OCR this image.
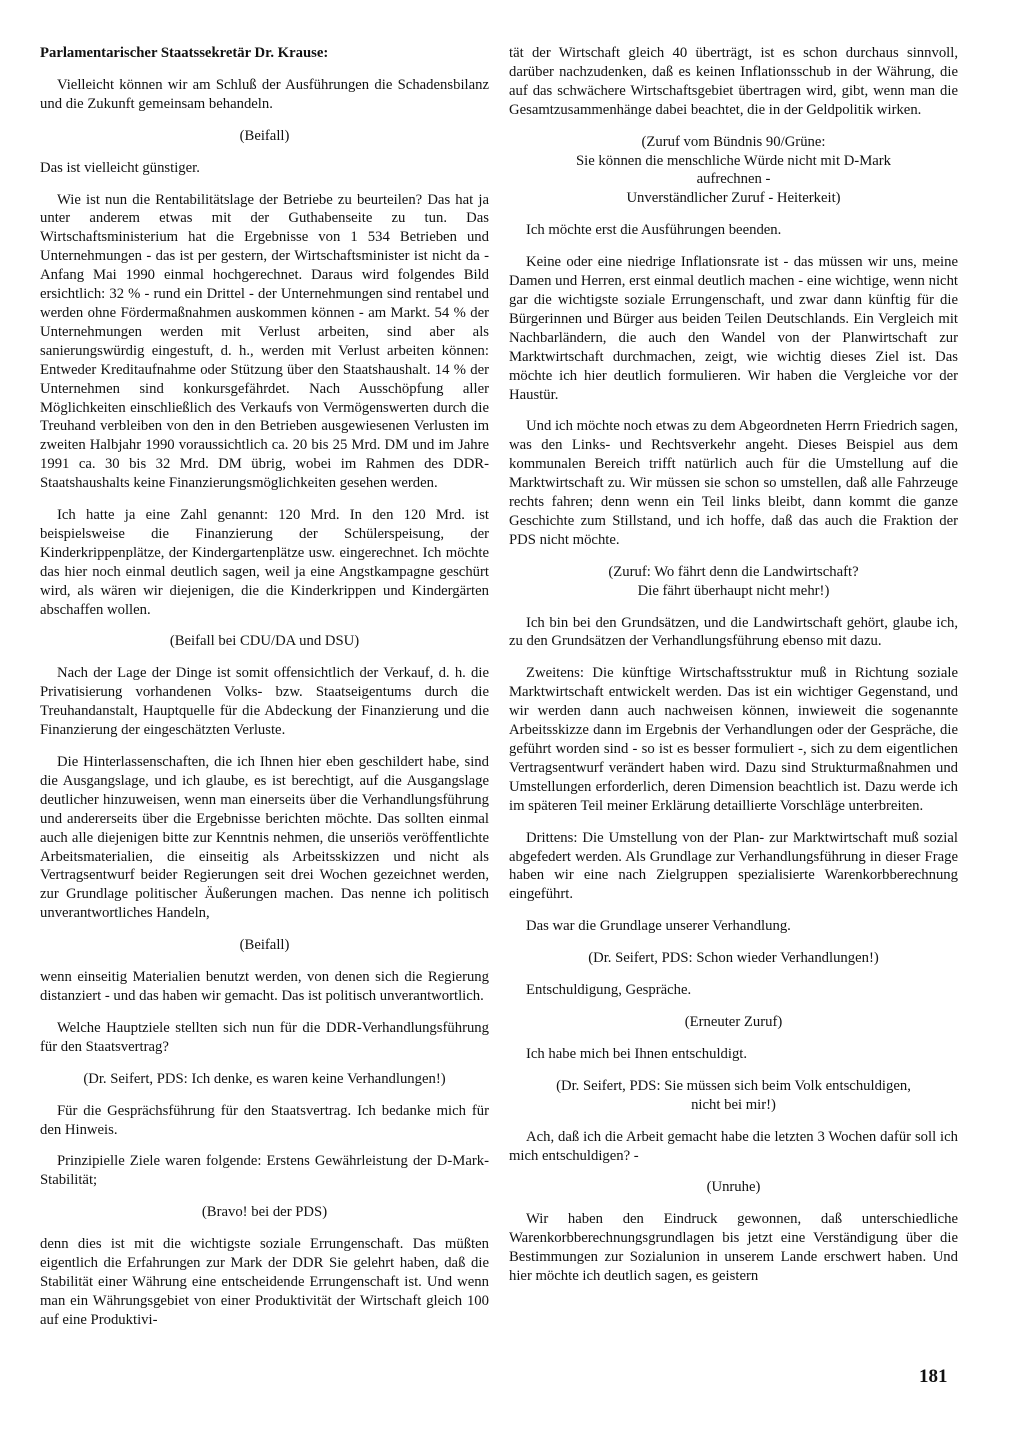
Parlamentarischer Staatssekretär Dr. Krause:

Vielleicht können wir am Schluß der Ausführungen die Schadensbilanz und die Zukunft gemeinsam behandeln.

(Beifall)

Das ist vielleicht günstiger.

Wie ist nun die Rentabilitätslage der Betriebe zu beurteilen? Das hat ja unter anderem etwas mit der Guthabenseite zu tun. Das Wirtschaftsministerium hat die Ergebnisse von 1 534 Betrieben und Unternehmungen - das ist per gestern, der Wirtschaftsminister ist nicht da - Anfang Mai 1990 einmal hochgerechnet. Daraus wird folgendes Bild ersichtlich: 32 % - rund ein Drittel - der Unternehmungen sind rentabel und werden ohne Fördermaßnahmen auskommen können - am Markt. 54 % der Unternehmungen werden mit Verlust arbeiten, sind aber als sanierungswürdig eingestuft, d. h., werden mit Verlust arbeiten können: Entweder Kreditaufnahme oder Stützung über den Staatshaushalt. 14 % der Unternehmen sind konkursgefährdet. Nach Ausschöpfung aller Möglichkeiten einschließlich des Verkaufs von Vermögenswerten durch die Treuhand verbleiben von den in den Betrieben ausgewiesenen Verlusten im zweiten Halbjahr 1990 voraussichtlich ca. 20 bis 25 Mrd. DM und im Jahre 1991 ca. 30 bis 32 Mrd. DM übrig, wobei im Rahmen des DDR-Staatshaushalts keine Finanzierungsmöglichkeiten gesehen werden.

Ich hatte ja eine Zahl genannt: 120 Mrd. In den 120 Mrd. ist beispielsweise die Finanzierung der Schülerspeisung, der Kinderkrippenplätze, der Kindergartenplätze usw. eingerechnet. Ich möchte das hier noch einmal deutlich sagen, weil ja eine Angstkampagne geschürt wird, als wären wir diejenigen, die die Kinderkrippen und Kindergärten abschaffen wollen.

(Beifall bei CDU/DA und DSU)

Nach der Lage der Dinge ist somit offensichtlich der Verkauf, d. h. die Privatisierung vorhandenen Volks- bzw. Staatseigentums durch die Treuhandanstalt, Hauptquelle für die Abdeckung der Finanzierung und die Finanzierung der eingeschätzten Verluste.

Die Hinterlassenschaften, die ich Ihnen hier eben geschildert habe, sind die Ausgangslage, und ich glaube, es ist berechtigt, auf die Ausgangslage deutlicher hinzuweisen, wenn man einerseits über die Verhandlungsführung und andererseits über die Ergebnisse berichten möchte. Das sollten einmal auch alle diejenigen bitte zur Kenntnis nehmen, die unseriös veröffentlichte Arbeitsmaterialien, die einseitig als Arbeitsskizzen und nicht als Vertragsentwurf beider Regierungen seit drei Wochen gezeichnet werden, zur Grundlage politischer Äußerungen machen. Das nenne ich politisch unverantwortliches Handeln,

(Beifall)

wenn einseitig Materialien benutzt werden, von denen sich die Regierung distanziert - und das haben wir gemacht. Das ist politisch unverantwortlich.

Welche Hauptziele stellten sich nun für die DDR-Verhandlungsführung für den Staatsvertrag?

(Dr. Seifert, PDS: Ich denke, es waren keine Verhandlungen!)

Für die Gesprächsführung für den Staatsvertrag. Ich bedanke mich für den Hinweis.

Prinzipielle Ziele waren folgende: Erstens Gewährleistung der D-Mark-Stabilität;

(Bravo! bei der PDS)

denn dies ist mit die wichtigste soziale Errungenschaft. Das müßten eigentlich die Erfahrungen zur Mark der DDR Sie gelehrt haben, daß die Stabilität einer Währung eine entscheidende Errungenschaft ist. Und wenn man ein Währungsgebiet von einer Produktivität der Wirtschaft gleich 100 auf eine Produktivi-

tät der Wirtschaft gleich 40 überträgt, ist es schon durchaus sinnvoll, darüber nachzudenken, daß es keinen Inflationsschub in der Währung, die auf das schwächere Wirtschaftsgebiet übertragen wird, gibt, wenn man die Gesamtzusammenhänge dabei beachtet, die in der Geldpolitik wirken.

(Zuruf vom Bündnis 90/Grüne:
Sie können die menschliche Würde nicht mit D-Mark
aufrechnen -
Unverständlicher Zuruf - Heiterkeit)

Ich möchte erst die Ausführungen beenden.

Keine oder eine niedrige Inflationsrate ist - das müssen wir uns, meine Damen und Herren, erst einmal deutlich machen - eine wichtige, wenn nicht gar die wichtigste soziale Errungenschaft, und zwar dann künftig für die Bürgerinnen und Bürger aus beiden Teilen Deutschlands. Ein Vergleich mit Nachbarländern, die auch den Wandel von der Planwirtschaft zur Marktwirtschaft durchmachen, zeigt, wie wichtig dieses Ziel ist. Das möchte ich hier deutlich formulieren. Wir haben die Vergleiche vor der Haustür.

Und ich möchte noch etwas zu dem Abgeordneten Herrn Friedrich sagen, was den Links- und Rechtsverkehr angeht. Dieses Beispiel aus dem kommunalen Bereich trifft natürlich auch für die Umstellung auf die Marktwirtschaft zu. Wir müssen sie schon so umstellen, daß alle Fahrzeuge rechts fahren; denn wenn ein Teil links bleibt, dann kommt die ganze Geschichte zum Stillstand, und ich hoffe, daß das auch die Fraktion der PDS nicht möchte.

(Zuruf: Wo fährt denn die Landwirtschaft?
Die fährt überhaupt nicht mehr!)

Ich bin bei den Grundsätzen, und die Landwirtschaft gehört, glaube ich, zu den Grundsätzen der Verhandlungsführung ebenso mit dazu.

Zweitens: Die künftige Wirtschaftsstruktur muß in Richtung soziale Marktwirtschaft entwickelt werden. Das ist ein wichtiger Gegenstand, und wir werden dann auch nachweisen können, inwieweit die sogenannte Arbeitsskizze dann im Ergebnis der Verhandlungen oder der Gespräche, die geführt worden sind - so ist es besser formuliert -, sich zu dem eigentlichen Vertragsentwurf verändert haben wird. Dazu sind Strukturmaßnahmen und Umstellungen erforderlich, deren Dimension beachtlich ist. Dazu werde ich im späteren Teil meiner Erklärung detaillierte Vorschläge unterbreiten.

Drittens: Die Umstellung von der Plan- zur Marktwirtschaft muß sozial abgefedert werden. Als Grundlage zur Verhandlungsführung in dieser Frage haben wir eine nach Zielgruppen spezialisierte Warenkorbberechnung eingeführt.

Das war die Grundlage unserer Verhandlung.

(Dr. Seifert, PDS: Schon wieder Verhandlungen!)

Entschuldigung, Gespräche.

(Erneuter Zuruf)

Ich habe mich bei Ihnen entschuldigt.

(Dr. Seifert, PDS: Sie müssen sich beim Volk entschuldigen,
nicht bei mir!)

Ach, daß ich die Arbeit gemacht habe die letzten 3 Wochen dafür soll ich mich entschuldigen? -

(Unruhe)

Wir haben den Eindruck gewonnen, daß unterschiedliche Warenkorbberechnungsgrundlagen bis jetzt eine Verständigung über die Bestimmungen zur Sozialunion in unserem Lande erschwert haben. Und hier möchte ich deutlich sagen, es geistern

181
